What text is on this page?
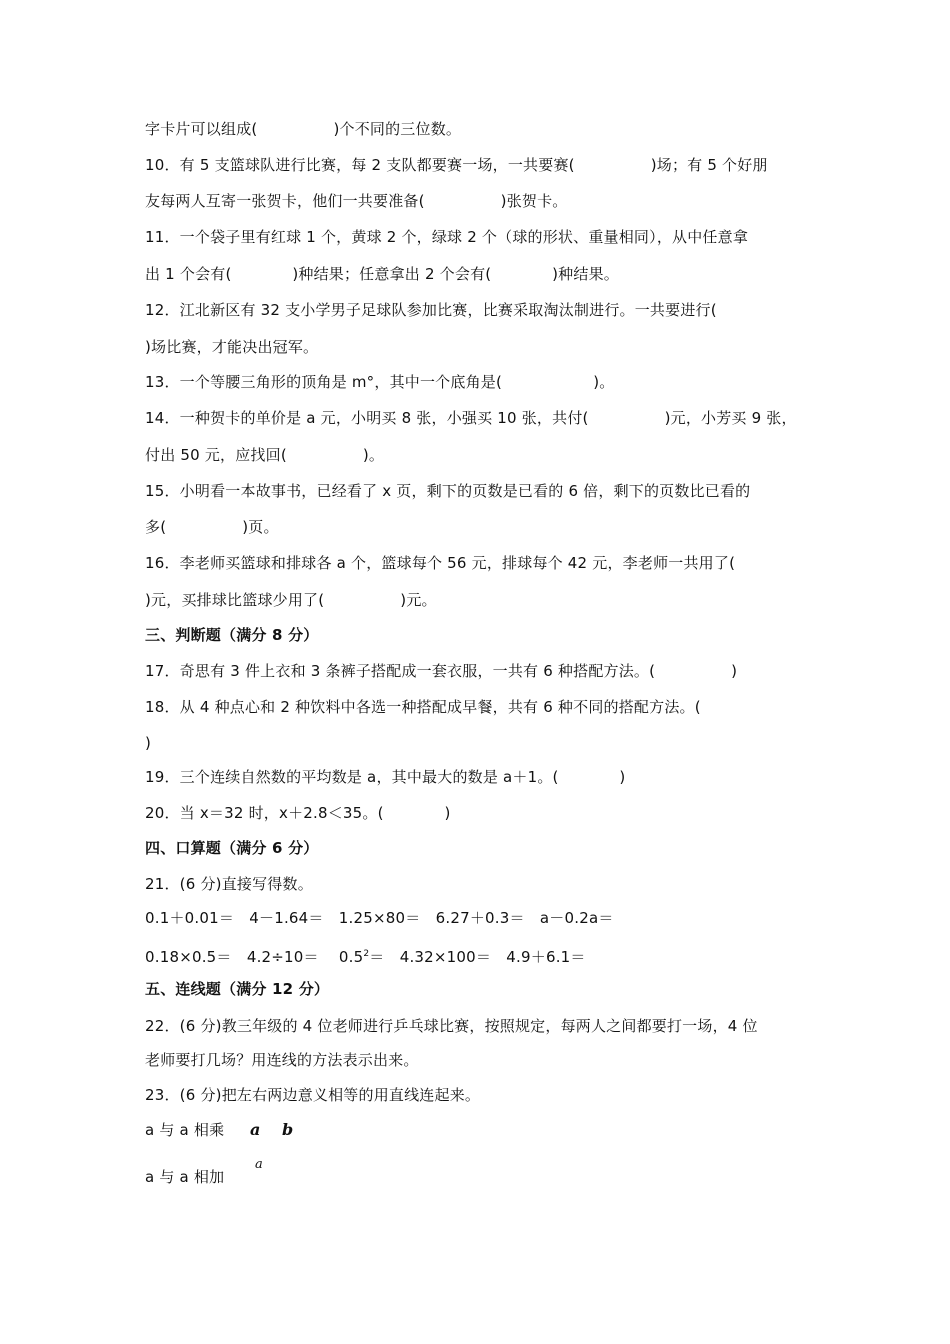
字卡片可以组成(　　　　　)个不同的三位数。
10．有 5 支篮球队进行比赛，每 2 支队都要赛一场，一共要赛(　　　　　)场；有 5 个好朋
友每两人互寄一张贺卡，他们一共要准备(　　　　　)张贺卡。
11．一个袋子里有红球 1 个，黄球 2 个，绿球 2 个（球的形状、重量相同），从中任意拿
出 1 个会有(　　　　)种结果；任意拿出 2 个会有(　　　　)种结果。
12．江北新区有 32 支小学男子足球队参加比赛，比赛采取淘汰制进行。一共要进行(
)场比赛，才能决出冠军。
13．一个等腰三角形的顶角是 m°，其中一个底角是(　　　　　　)。
14．一种贺卡的单价是 a 元，小明买 8 张，小强买 10 张，共付(　　　　　)元，小芳买 9 张，
付出 50 元，应找回(　　　　　)。
15．小明看一本故事书，已经看了 x 页，剩下的页数是已看的 6 倍，剩下的页数比已看的
多(　　　　　)页。
16．李老师买篮球和排球各 a 个，篮球每个 56 元，排球每个 42 元，李老师一共用了(
)元，买排球比篮球少用了(　　　　　)元。
三、判断题（满分 8 分）
17．奇思有 3 件上衣和 3 条裤子搭配成一套衣服，一共有 6 种搭配方法。(　　　　　)
18．从 4 种点心和 2 种饮料中各选一种搭配成早餐，共有 6 种不同的搭配方法。(
)
19．三个连续自然数的平均数是 a，其中最大的数是 a＋1。(　　　　)
20．当 x＝32 时，x＋2.8＜35。(　　　　)
四、口算题（满分 6 分）
21．(6 分)直接写得数。
0.1＋0.01＝　4－1.64＝　1.25×80＝　6.27＋0.3＝　a－0.2a＝
0.18×0.5＝　4.2÷10＝　 $0.5^2=$　4.32×100＝　4.9＋6.1＝
五、连线题（满分 12 分）
22．(6 分)教三年级的 4 位老师进行乒乓球比赛，按照规定，每两人之间都要打一场，4 位
老师要打几场？用连线的方法表示出来。
23．(6 分)把左右两边意义相等的用直线连起来。
a 与 a 相乘 a　 b
a
a 与 a 相加
